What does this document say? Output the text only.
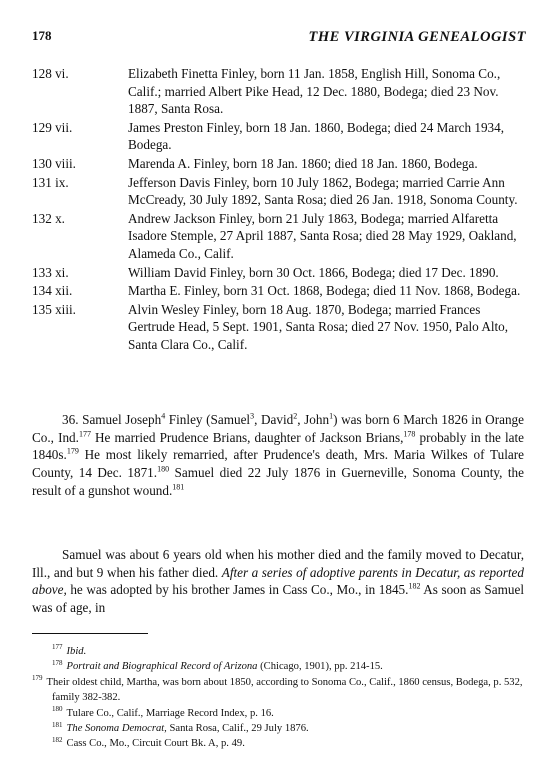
178	THE VIRGINIA GENEALOGIST
128 vi.	Elizabeth Finetta Finley, born 11 Jan. 1858, English Hill, Sonoma Co., Calif.; married Albert Pike Head, 12 Dec. 1880, Bodega; died 23 Nov. 1887, Santa Rosa.
129 vii.	James Preston Finley, born 18 Jan. 1860, Bodega; died 24 March 1934, Bodega.
130 viii.	Marenda A. Finley, born 18 Jan. 1860; died 18 Jan. 1860, Bodega.
131 ix.	Jefferson Davis Finley, born 10 July 1862, Bodega; married Carrie Ann McCready, 30 July 1892, Santa Rosa; died 26 Jan. 1918, Sonoma County.
132 x.	Andrew Jackson Finley, born 21 July 1863, Bodega; married Alfaretta Isadore Stemple, 27 April 1887, Santa Rosa; died 28 May 1929, Oakland, Alameda Co., Calif.
133 xi.	William David Finley, born 30 Oct. 1866, Bodega; died 17 Dec. 1890.
134 xii.	Martha E. Finley, born 31 Oct. 1868, Bodega; died 11 Nov. 1868, Bodega.
135 xiii.	Alvin Wesley Finley, born 18 Aug. 1870, Bodega; married Frances Gertrude Head, 5 Sept. 1901, Santa Rosa; died 27 Nov. 1950, Palo Alto, Santa Clara Co., Calif.

36. Samuel Joseph$^4$ Finley (Samuel$^3$, David$^2$, John$^1$) was born 6 March 1826 in Orange Co., Ind.$^{177}$ He married Prudence Brians, daughter of Jackson Brians,$^{178}$ probably in the late 1840s.$^{179}$ He most likely remarried, after Prudence's death, Mrs. Maria Wilkes of Tulare County, 14 Dec. 1871.$^{180}$ Samuel died 22 July 1876 in Guerneville, Sonoma County, the result of a gunshot wound.$^{181}$

Samuel was about 6 years old when his mother died and the family moved to Decatur, Ill., and but 9 when his father died. After a series of adoptive parents in Decatur, as reported above, he was adopted by his brother James in Cass Co., Mo., in 1845.$^{182}$ As soon as Samuel was of age, in

$^{177}$ Ibid.
$^{178}$ Portrait and Biographical Record of Arizona (Chicago, 1901), pp. 214-15.
$^{179}$ Their oldest child, Martha, was born about 1850, according to Sonoma Co., Calif., 1860 census, Bodega, p. 532, family 382-382.
$^{180}$ Tulare Co., Calif., Marriage Record Index, p. 16.
$^{181}$ The Sonoma Democrat, Santa Rosa, Calif., 29 July 1876.
$^{182}$ Cass Co., Mo., Circuit Court Bk. A, p. 49.
